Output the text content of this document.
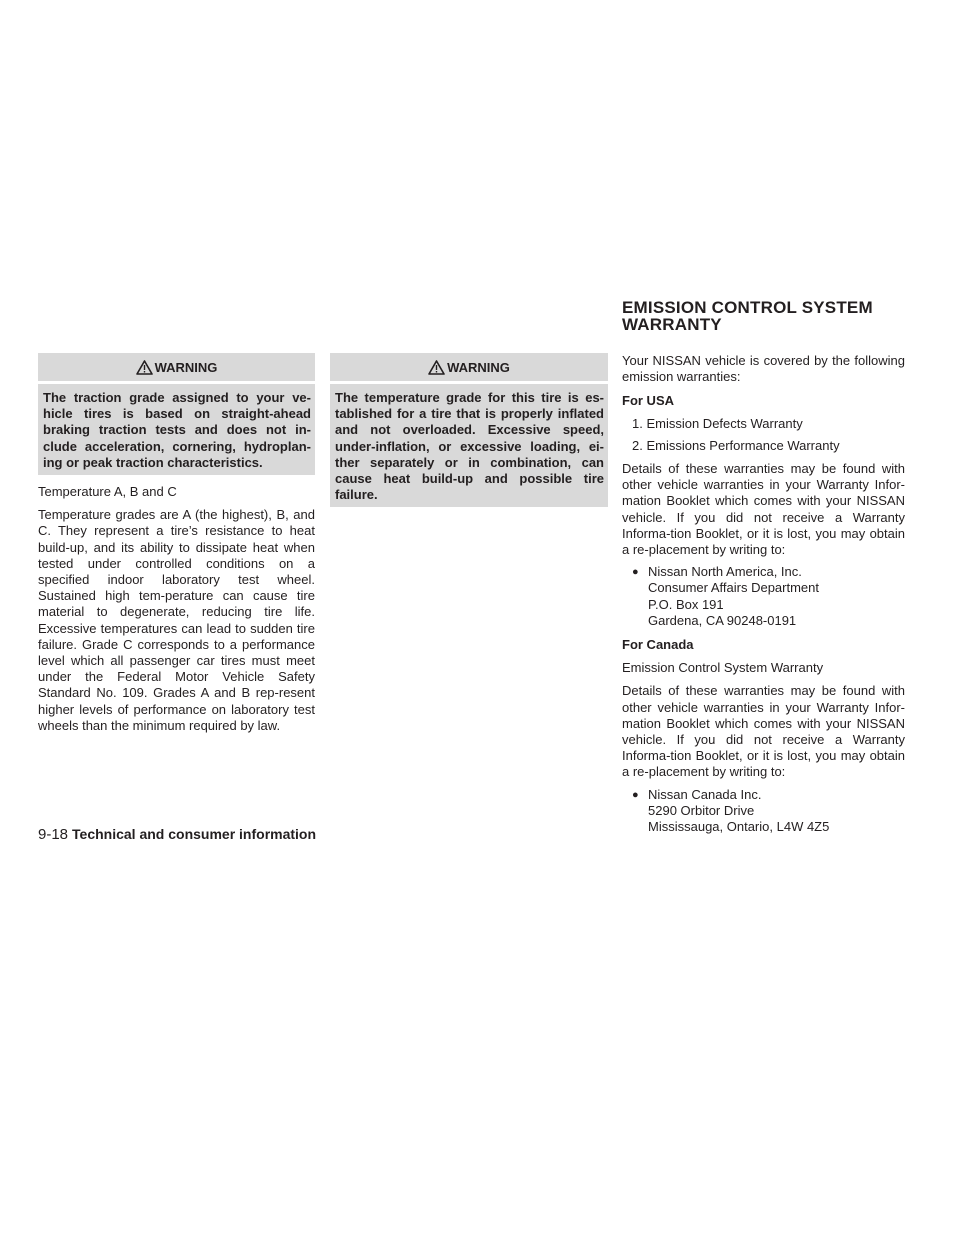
EMISSION CONTROL SYSTEM
WARRANTY
WARNING
The traction grade assigned to your ve-hicle tires is based on straight-ahead braking traction tests and does not in-clude acceleration, cornering, hydroplan-ing or peak traction characteristics.

Temperature A, B and C

Temperature grades are A (the highest), B, and C. They represent a tire’s resistance to heat build-up, and its ability to dissipate heat when tested under controlled conditions on a specified indoor laboratory test wheel. Sustained high tem-perature can cause tire material to degenerate, reducing tire life. Excessive temperatures can lead to sudden tire failure. Grade C corresponds to a performance level which all passenger car tires must meet under the Federal Motor Vehicle Safety Standard No. 109. Grades A and B rep-resent higher levels of performance on laboratory test wheels than the minimum required by law.

WARNING
The temperature grade for this tire is es-tablished for a tire that is properly inflated and not overloaded. Excessive speed, under-inflation, or excessive loading, ei-ther separately or in combination, can cause heat build-up and possible tire failure.

Your NISSAN vehicle is covered by the following emission warranties:

For USA

1. Emission Defects Warranty

2. Emissions Performance Warranty

Details of these warranties may be found with other vehicle warranties in your Warranty Infor-mation Booklet which comes with your NISSAN vehicle. If you did not receive a Warranty Informa-tion Booklet, or it is lost, you may obtain a re-placement by writing to:

● Nissan North America, Inc.
Consumer Affairs Department
P.O. Box 191
Gardena, CA 90248-0191

For Canada

Emission Control System Warranty

Details of these warranties may be found with other vehicle warranties in your Warranty Infor-mation Booklet which comes with your NISSAN vehicle. If you did not receive a Warranty Informa-tion Booklet, or it is lost, you may obtain a re-placement by writing to:

● Nissan Canada Inc.
5290 Orbitor Drive
Mississauga, Ontario, L4W 4Z5
9-18 Technical and consumer information
